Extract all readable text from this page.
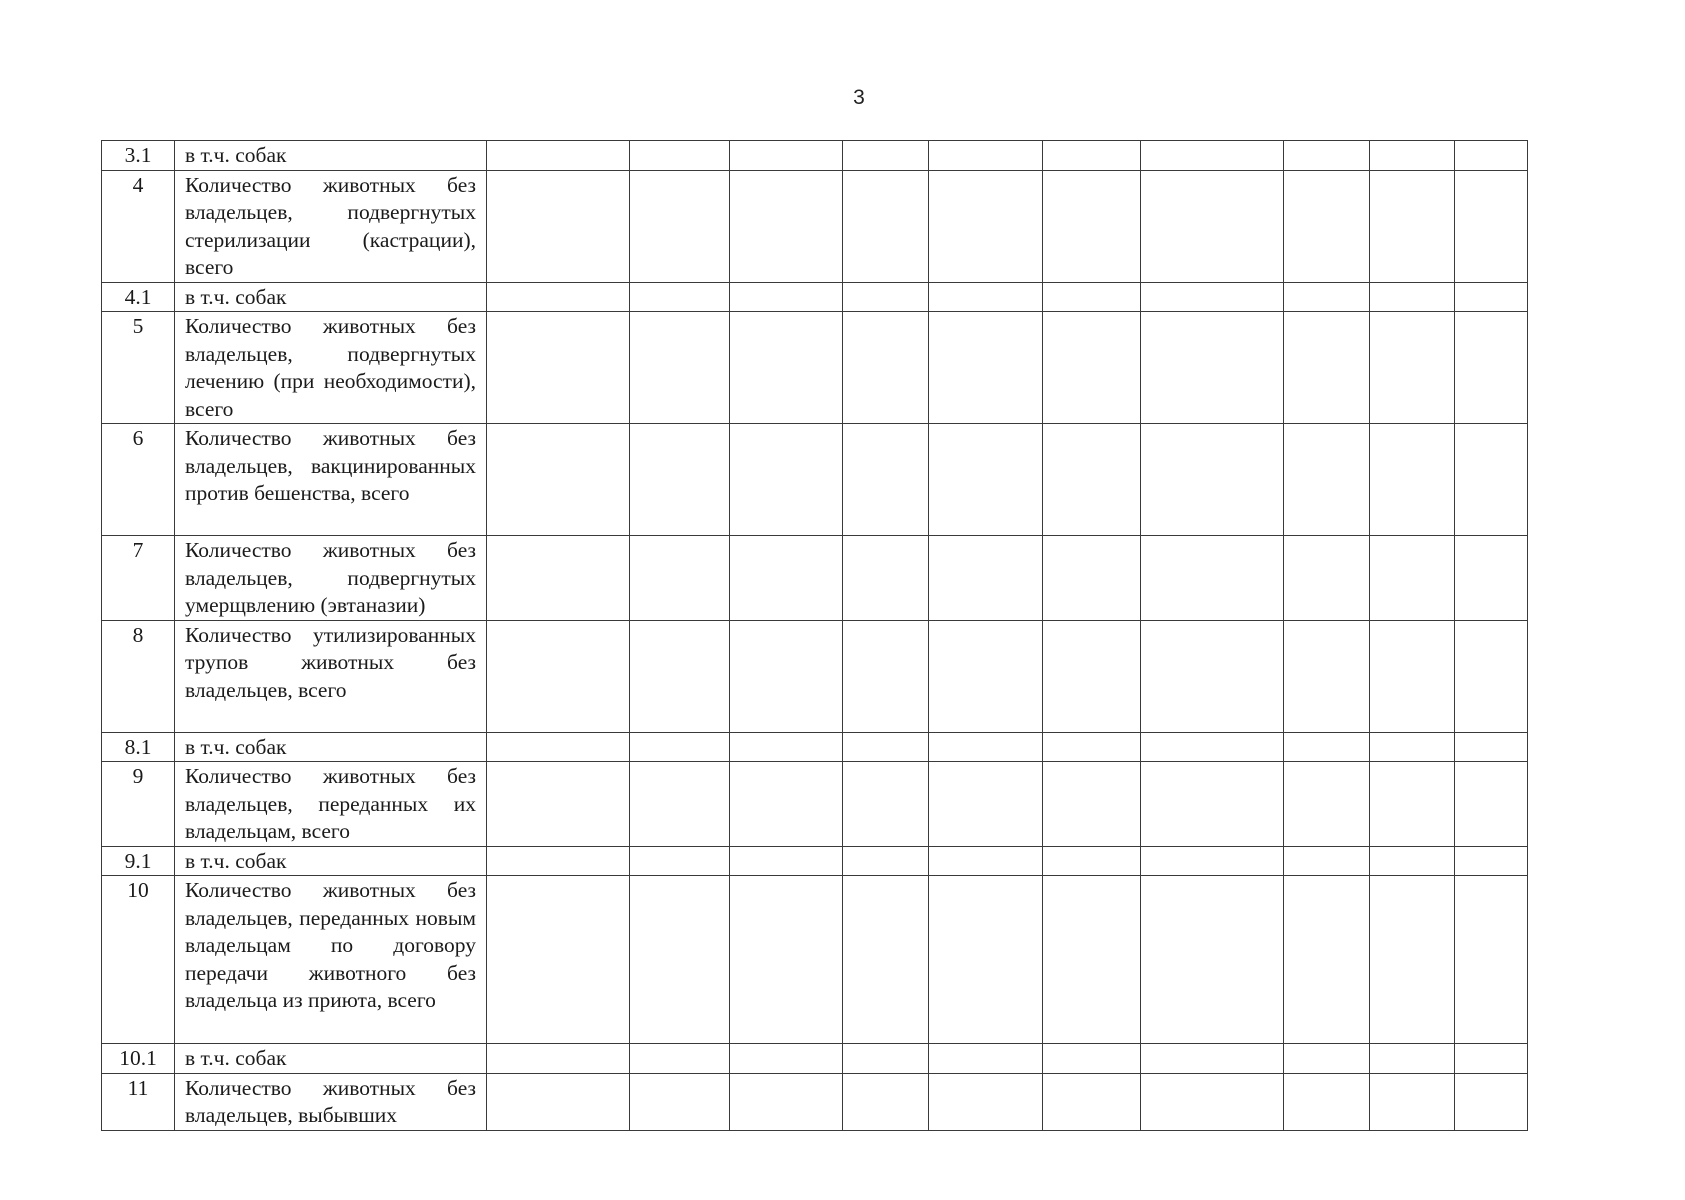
3
3.1	в т.ч. собак										
4	Количество животных без владельцев, подвергнутых стерилизации (кастрации), всего										
4.1	в т.ч. собак										
5	Количество животных без владельцев, подвергнутых лечению (при необходимости), всего										
6	Количество животных без владельцев, вакцинированных против бешенства, всего										
7	Количество животных без владельцев, подвергнутых умерщвлению (эвтаназии)										
8	Количество утилизированных трупов животных без владельцев, всего										
8.1	в т.ч. собак										
9	Количество животных без владельцев, переданных их владельцам, всего										
9.1	в т.ч. собак										
10	Количество животных без владельцев, переданных новым владельцам по договору передачи животного без владельца из приюта, всего										
10.1	в т.ч. собак										
11	Количество животных без владельцев, выбывших										
